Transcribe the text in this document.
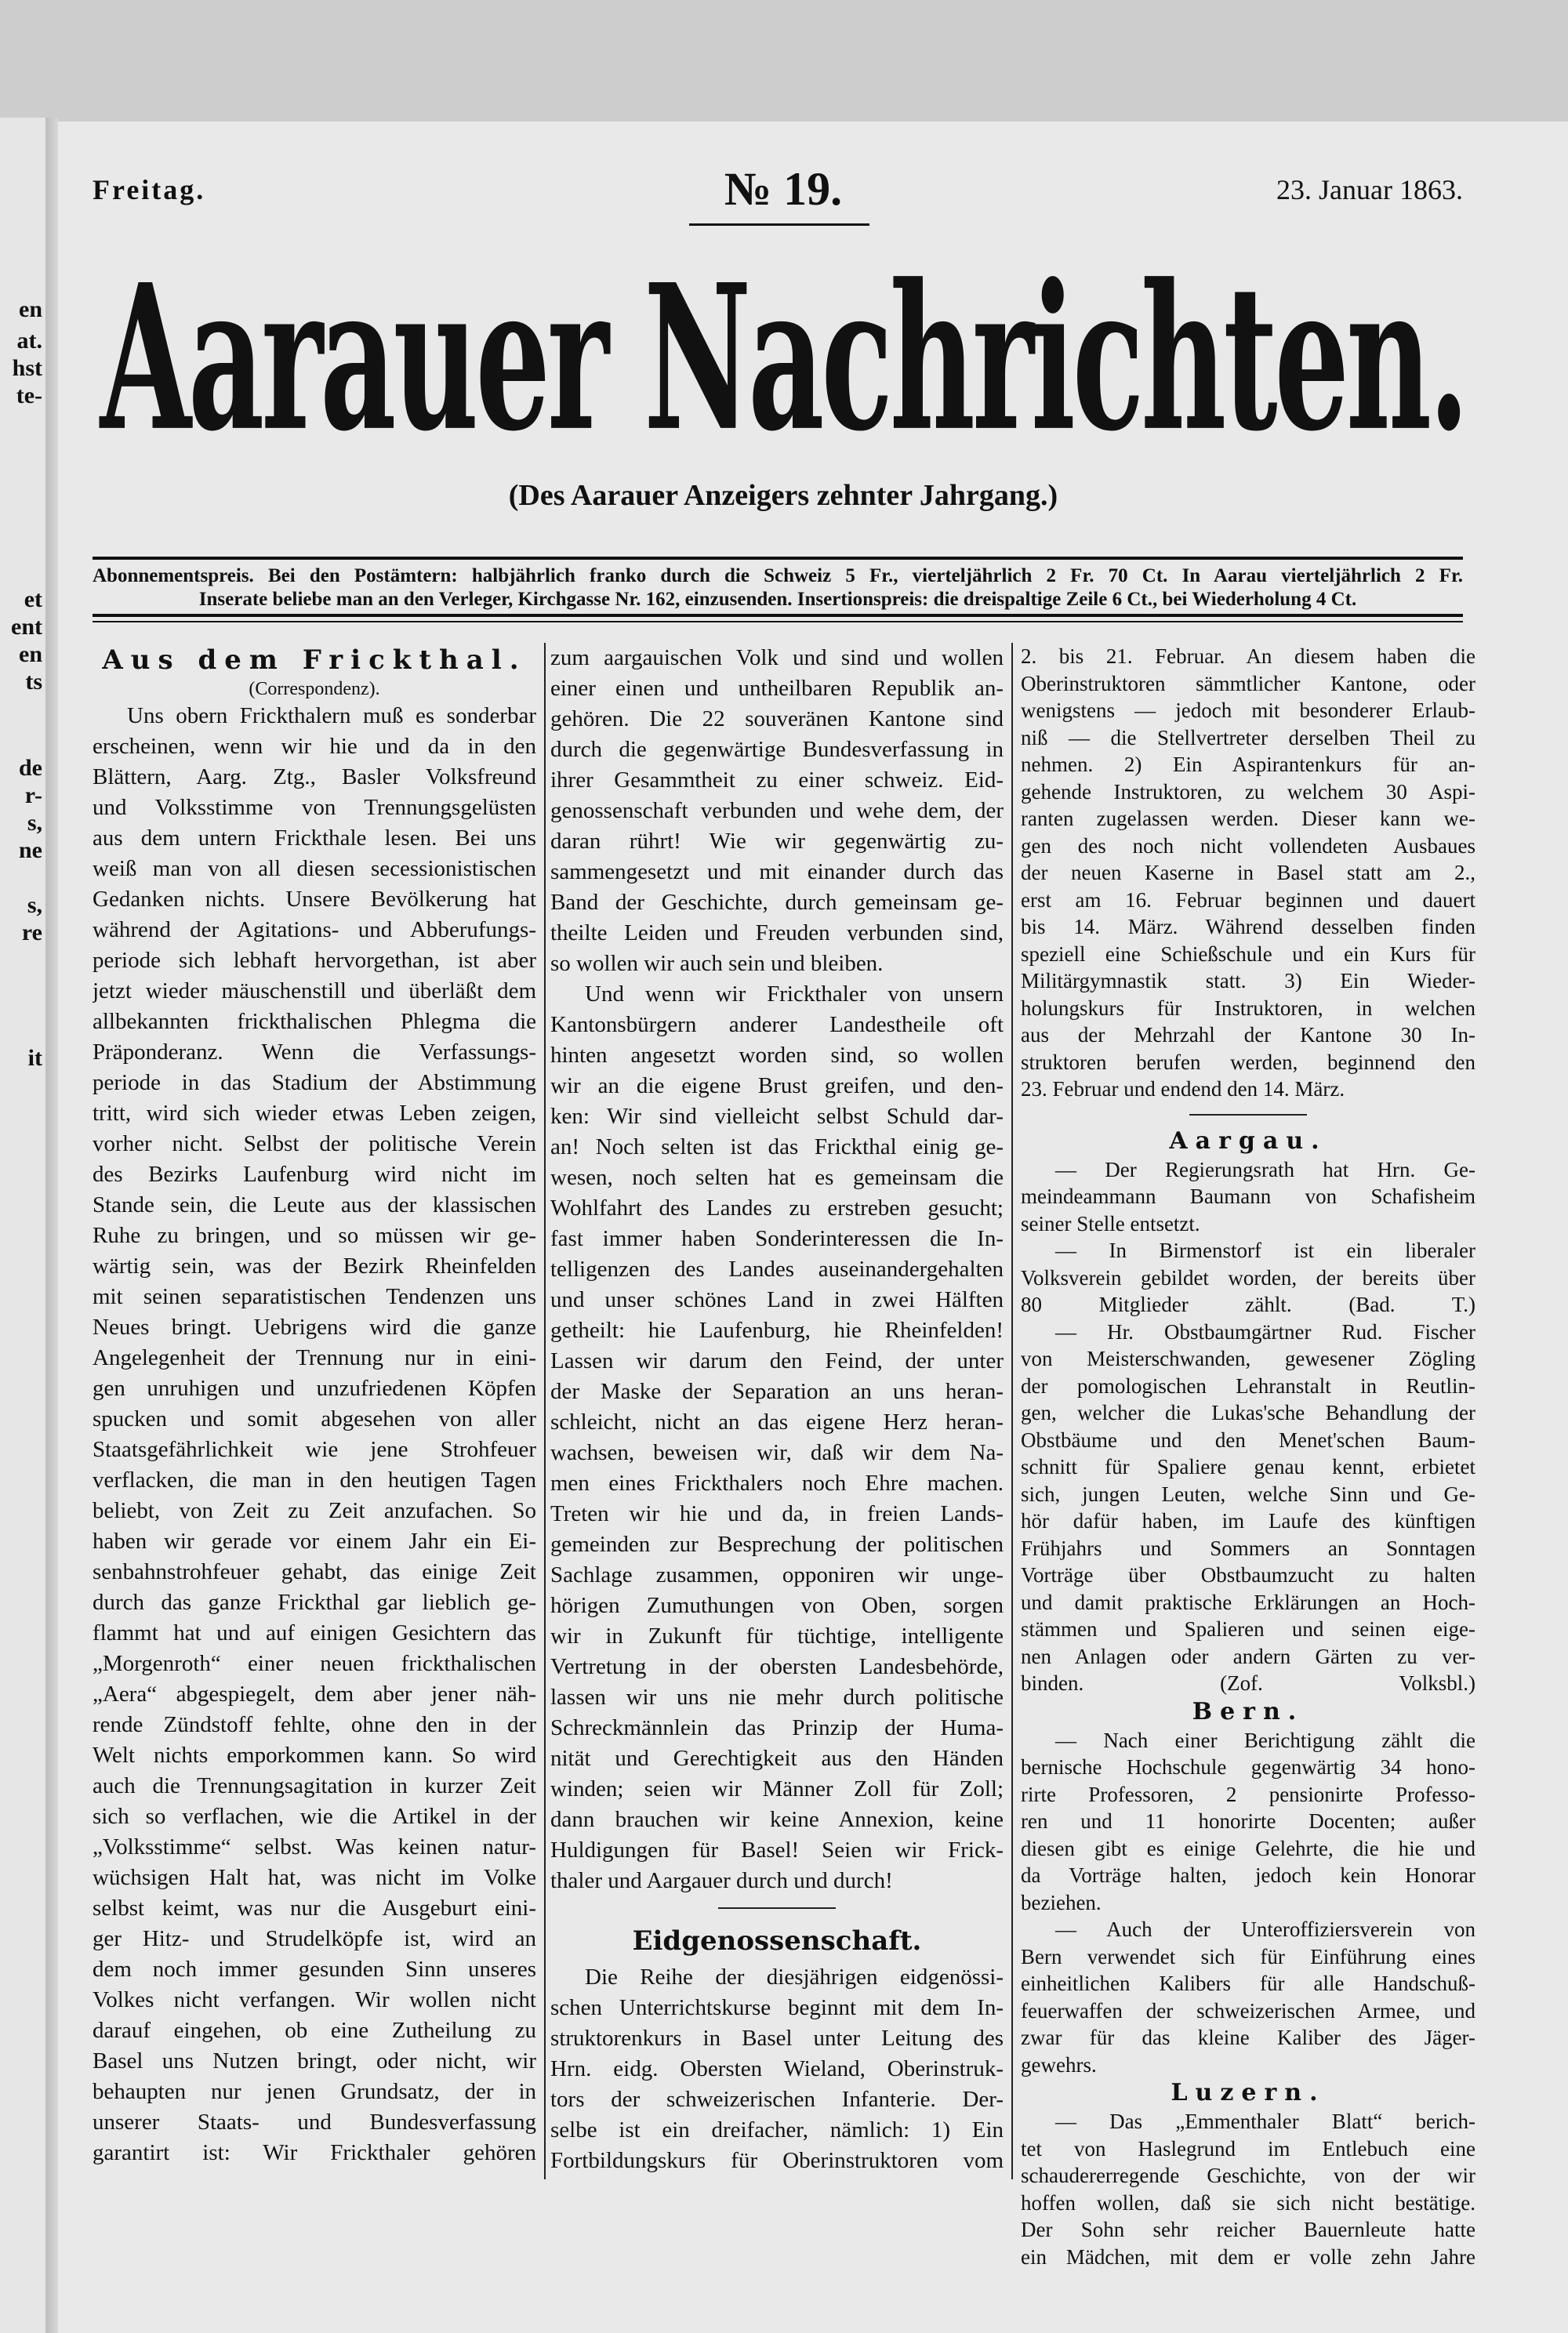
en
at.
hst
te-
et
ent
en
ts
de
r-
s,
ne
s,
re
it
Freitag.	№ 19.	23. Januar 1863.
Aarauer Nachrichten.
(Des Aarauer Anzeigers zehnter Jahrgang.)
Abonnementspreis. Bei den Postämtern: halbjährlich franko durch die Schweiz 5 Fr., vierteljährlich 2 Fr. 70 Ct. In Aarau vierteljährlich 2 Fr.
Inserate beliebe man an den Verleger, Kirchgasse Nr. 162, einzusenden. Insertionspreis: die dreispaltige Zeile 6 Ct., bei Wiederholung 4 Ct.
Aus dem Frickthal.
(Correspondenz).
Uns obern Frickthalern muß es sonderbar
erscheinen, wenn wir hie und da in den
Blättern, Aarg. Ztg., Basler Volksfreund
und Volksstimme von Trennungsgelüsten
aus dem untern Frickthale lesen. Bei uns
weiß man von all diesen secessionistischen
Gedanken nichts. Unsere Bevölkerung hat
während der Agitations- und Abberufungs-
periode sich lebhaft hervorgethan, ist aber
jetzt wieder mäuschenstill und überläßt dem
allbekannten frickthalischen Phlegma die
Präponderanz. Wenn die Verfassungs-
periode in das Stadium der Abstimmung
tritt, wird sich wieder etwas Leben zeigen,
vorher nicht. Selbst der politische Verein
des Bezirks Laufenburg wird nicht im
Stande sein, die Leute aus der klassischen
Ruhe zu bringen, und so müssen wir ge-
wärtig sein, was der Bezirk Rheinfelden
mit seinen separatistischen Tendenzen uns
Neues bringt. Uebrigens wird die ganze
Angelegenheit der Trennung nur in eini-
gen unruhigen und unzufriedenen Köpfen
spucken und somit abgesehen von aller
Staatsgefährlichkeit wie jene Strohfeuer
verflacken, die man in den heutigen Tagen
beliebt, von Zeit zu Zeit anzufachen. So
haben wir gerade vor einem Jahr ein Ei-
senbahnstrohfeuer gehabt, das einige Zeit
durch das ganze Frickthal gar lieblich ge-
flammt hat und auf einigen Gesichtern das
„Morgenroth“ einer neuen frickthalischen
„Aera“ abgespiegelt, dem aber jener näh-
rende Zündstoff fehlte, ohne den in der
Welt nichts emporkommen kann. So wird
auch die Trennungsagitation in kurzer Zeit
sich so verflachen, wie die Artikel in der
„Volksstimme“ selbst. Was keinen natur-
wüchsigen Halt hat, was nicht im Volke
selbst keimt, was nur die Ausgeburt eini-
ger Hitz- und Strudelköpfe ist, wird an
dem noch immer gesunden Sinn unseres
Volkes nicht verfangen. Wir wollen nicht
darauf eingehen, ob eine Zutheilung zu
Basel uns Nutzen bringt, oder nicht, wir
behaupten nur jenen Grundsatz, der in
unserer Staats- und Bundesverfassung
garantirt ist: Wir Frickthaler gehören
zum aargauischen Volk und sind und wollen
einer einen und untheilbaren Republik an-
gehören. Die 22 souveränen Kantone sind
durch die gegenwärtige Bundesverfassung in
ihrer Gesammtheit zu einer schweiz. Eid-
genossenschaft verbunden und wehe dem, der
daran rührt! Wie wir gegenwärtig zu-
sammengesetzt und mit einander durch das
Band der Geschichte, durch gemeinsam ge-
theilte Leiden und Freuden verbunden sind,
so wollen wir auch sein und bleiben.
Und wenn wir Frickthaler von unsern
Kantonsbürgern anderer Landestheile oft
hinten angesetzt worden sind, so wollen
wir an die eigene Brust greifen, und den-
ken: Wir sind vielleicht selbst Schuld dar-
an! Noch selten ist das Frickthal einig ge-
wesen, noch selten hat es gemeinsam die
Wohlfahrt des Landes zu erstreben gesucht;
fast immer haben Sonderinteressen die In-
telligenzen des Landes auseinandergehalten
und unser schönes Land in zwei Hälften
getheilt: hie Laufenburg, hie Rheinfelden!
Lassen wir darum den Feind, der unter
der Maske der Separation an uns heran-
schleicht, nicht an das eigene Herz heran-
wachsen, beweisen wir, daß wir dem Na-
men eines Frickthalers noch Ehre machen.
Treten wir hie und da, in freien Lands-
gemeinden zur Besprechung der politischen
Sachlage zusammen, opponiren wir unge-
hörigen Zumuthungen von Oben, sorgen
wir in Zukunft für tüchtige, intelligente
Vertretung in der obersten Landesbehörde,
lassen wir uns nie mehr durch politische
Schreckmännlein das Prinzip der Huma-
nität und Gerechtigkeit aus den Händen
winden; seien wir Männer Zoll für Zoll;
dann brauchen wir keine Annexion, keine
Huldigungen für Basel! Seien wir Frick-
thaler und Aargauer durch und durch!
Eidgenossenschaft.
Die Reihe der diesjährigen eidgenössi-
schen Unterrichtskurse beginnt mit dem In-
struktorenkurs in Basel unter Leitung des
Hrn. eidg. Obersten Wieland, Oberinstruk-
tors der schweizerischen Infanterie. Der-
selbe ist ein dreifacher, nämlich: 1) Ein
Fortbildungskurs für Oberinstruktoren vom
2. bis 21. Februar. An diesem haben die
Oberinstruktoren sämmtlicher Kantone, oder
wenigstens — jedoch mit besonderer Erlaub-
niß — die Stellvertreter derselben Theil zu
nehmen. 2) Ein Aspirantenkurs für an-
gehende Instruktoren, zu welchem 30 Aspi-
ranten zugelassen werden. Dieser kann we-
gen des noch nicht vollendeten Ausbaues
der neuen Kaserne in Basel statt am 2.,
erst am 16. Februar beginnen und dauert
bis 14. März. Während desselben finden
speziell eine Schießschule und ein Kurs für
Militärgymnastik statt. 3) Ein Wieder-
holungskurs für Instruktoren, in welchen
aus der Mehrzahl der Kantone 30 In-
struktoren berufen werden, beginnend den
23. Februar und endend den 14. März.
Aargau.
— Der Regierungsrath hat Hrn. Ge-
meindeammann Baumann von Schafisheim
seiner Stelle entsetzt.
— In Birmenstorf ist ein liberaler
Volksverein gebildet worden, der bereits über
80 Mitglieder zählt. (Bad. T.)
— Hr. Obstbaumgärtner Rud. Fischer
von Meisterschwanden, gewesener Zögling
der pomologischen Lehranstalt in Reutlin-
gen, welcher die Lukas'sche Behandlung der
Obstbäume und den Menet'schen Baum-
schnitt für Spaliere genau kennt, erbietet
sich, jungen Leuten, welche Sinn und Ge-
hör dafür haben, im Laufe des künftigen
Frühjahrs und Sommers an Sonntagen
Vorträge über Obstbaumzucht zu halten
und damit praktische Erklärungen an Hoch-
stämmen und Spalieren und seinen eige-
nen Anlagen oder andern Gärten zu ver-
binden. (Zof. Volksbl.)
Bern.
— Nach einer Berichtigung zählt die
bernische Hochschule gegenwärtig 34 hono-
rirte Professoren, 2 pensionirte Professo-
ren und 11 honorirte Docenten; außer
diesen gibt es einige Gelehrte, die hie und
da Vorträge halten, jedoch kein Honorar
beziehen.
— Auch der Unteroffiziersverein von
Bern verwendet sich für Einführung eines
einheitlichen Kalibers für alle Handschuß-
feuerwaffen der schweizerischen Armee, und
zwar für das kleine Kaliber des Jäger-
gewehrs.
Luzern.
— Das „Emmenthaler Blatt“ berich-
tet von Haslegrund im Entlebuch eine
schaudererregende Geschichte, von der wir
hoffen wollen, daß sie sich nicht bestätige.
Der Sohn sehr reicher Bauernleute hatte
ein Mädchen, mit dem er volle zehn Jahre
